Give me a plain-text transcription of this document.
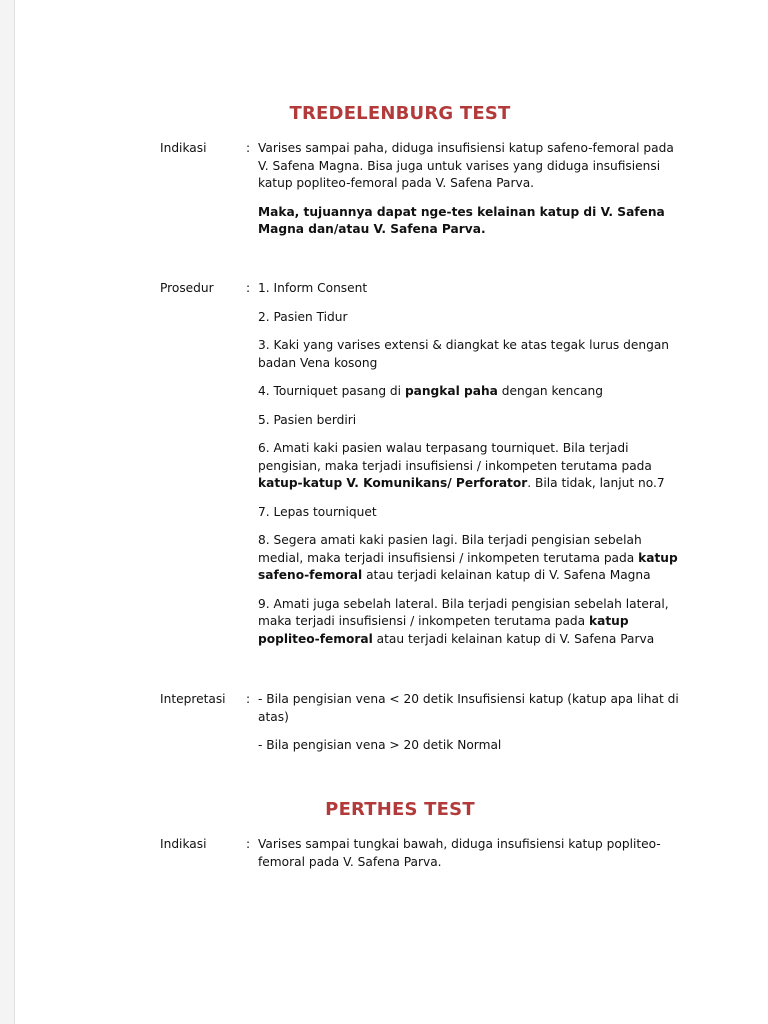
TREDELENBURG TEST
Indikasi	: Varises sampai paha, diduga insufisiensi katup safeno-femoral pada V. Safena Magna. Bisa juga untuk varises yang diduga insufisiensi katup popliteo-femoral pada V. Safena Parva.

Maka, tujuannya dapat nge-tes kelainan katup di V. Safena Magna dan/atau V. Safena Parva.

Prosedur	: 1. Inform Consent

2. Pasien Tidur

3. Kaki yang varises extensi & diangkat ke atas tegak lurus dengan badan Vena kosong

4. Tourniquet pasang di pangkal paha dengan kencang

5. Pasien berdiri

6. Amati kaki pasien walau terpasang tourniquet. Bila terjadi pengisian, maka terjadi insufisiensi / inkompeten terutama pada katup-katup V. Komunikans/ Perforator. Bila tidak, lanjut no.7

7. Lepas tourniquet

8. Segera amati kaki pasien lagi. Bila terjadi pengisian sebelah medial, maka terjadi insufisiensi / inkompeten terutama pada katup safeno-femoral atau terjadi kelainan katup di V. Safena Magna

9. Amati juga sebelah lateral. Bila terjadi pengisian sebelah lateral, maka terjadi insufisiensi / inkompeten terutama pada katup popliteo-femoral atau terjadi kelainan katup di V. Safena Parva

Intepretasi : - Bila pengisian vena < 20 detik Insufisiensi katup (katup apa lihat di atas)

- Bila pengisian vena > 20 detik Normal

PERTHES TEST
Indikasi	: Varises sampai tungkai bawah, diduga insufisiensi katup popliteo-femoral pada V. Safena Parva.
